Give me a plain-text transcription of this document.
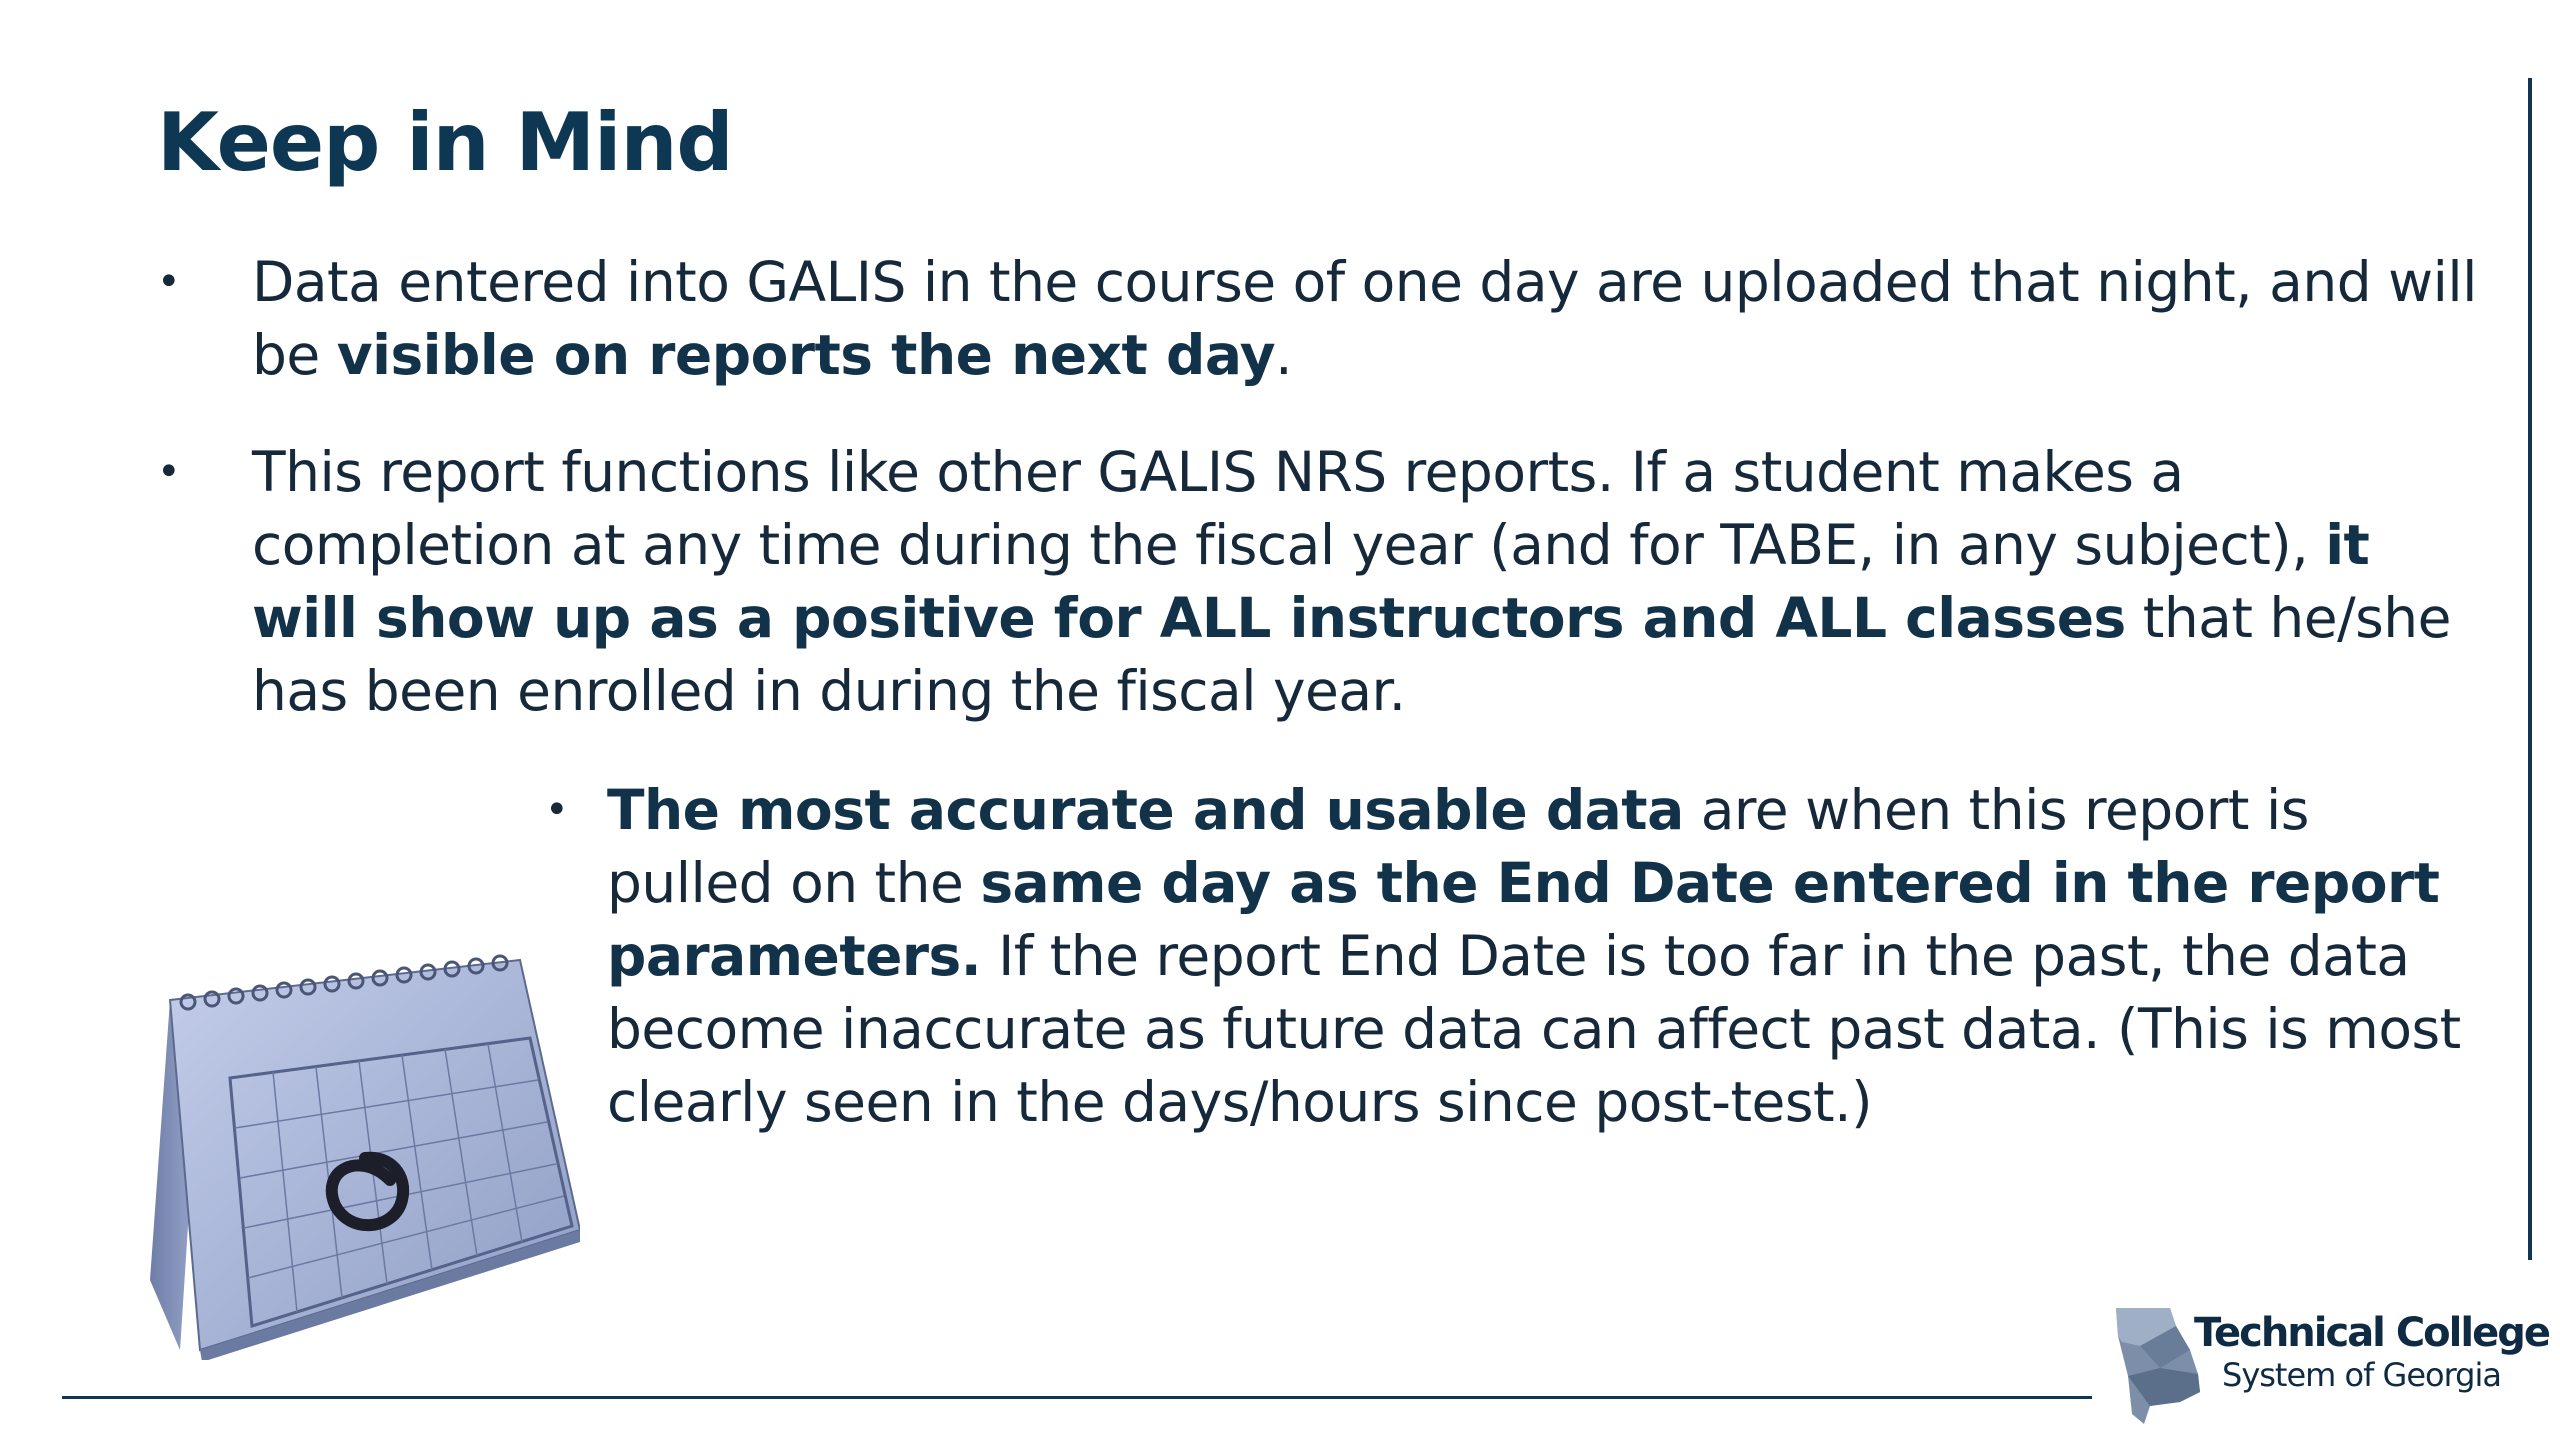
Keep in Mind
•	Data entered into GALIS in the course of one day are uploaded that night, and will be visible on reports the next day.

•	This report functions like other GALIS NRS reports. If a student makes a completion at any time during the fiscal year (and for TABE, in any subject), it will show up as a positive for ALL instructors and ALL classes that he/she has been enrolled in during the fiscal year.

• The most accurate and usable data are when this report is pulled on the same day as the End Date entered in the report parameters. If the report End Date is too far in the past, the data become inaccurate as future data can affect past data. (This is most clearly seen in the days/hours since post-test.)

Technical College
System of Georgia
